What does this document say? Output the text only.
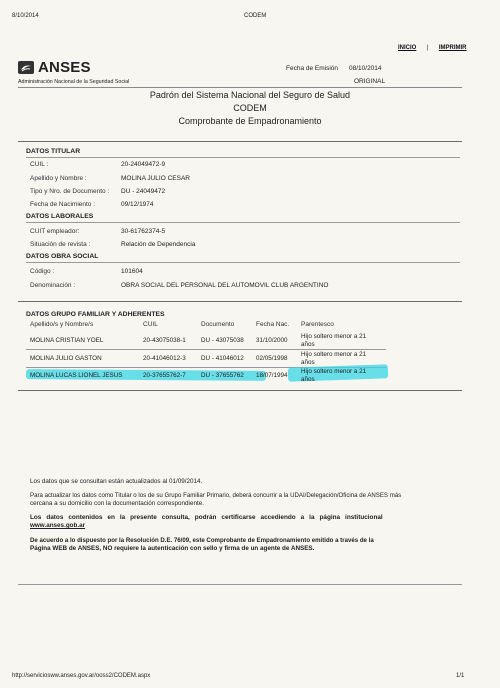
8/10/2014	CODEM
INICIO | IMPRIMIR
ANSES
Administración Nacional de la Seguridad Social
Fecha de Emisión 08/10/2014
ORIGINAL
Padrón del Sistema Nacional del Seguro de Salud
CODEM
Comprobante de Empadronamiento
DATOS TITULAR
CUIL :	20-24049472-9
Apellido y Nombre :	MOLINA JULIO CESAR
Tipo y Nro. de Documento : DU - 24049472
Fecha de Nacimiento :	09/12/1974
DATOS LABORALES
CUIT empleador:	30-61762374-5
Situación de revista :	Relación de Dependencia
DATOS OBRA SOCIAL
Código :	101604
Denominación :	OBRA SOCIAL DEL PERSONAL DEL AUTOMOVIL CLUB ARGENTINO
DATOS GRUPO FAMILIAR Y ADHERENTES
Apellido/s y Nombre/s	CUIL	Documento	Fecha Nac. Parentesco
MOLINA CRISTIAN YOEL	20-43075038-1 DU - 43075038 31/10/2000
Hijo soltero menor a 21
años
MOLINA JULIO GASTON	20-41046012-3 DU - 41046012 02/05/1998
Hijo soltero menor a 21
años
MOLINA LUCAS LIONEL JESUS	20-37655762-7 DU - 37655762 18/07/1994
Hijo soltero menor a 21
años

Los datos que se consultan están actualizados al 01/09/2014.

Para actualizar los datos como Titular o los de su Grupo Familiar Primario, deberá concurrir a la UDAI/Delegación/Oficina de ANSES más

cercana a su domicilio con la documentación correspondiente.

Los datos contenidos en la presente consulta, podrán certificarse accediendo a la página institucional

www.anses.gob.ar

De acuerdo a lo dispuesto por la Resolución D.E. 76/09, este Comprobante de Empadronamiento emitido a través de la

Página WEB de ANSES, NO requiere la autenticación con sello y firma de un agente de ANSES.

http://serviciosww.anses.gov.ar/ooss2/CODEM.aspx	1/1
